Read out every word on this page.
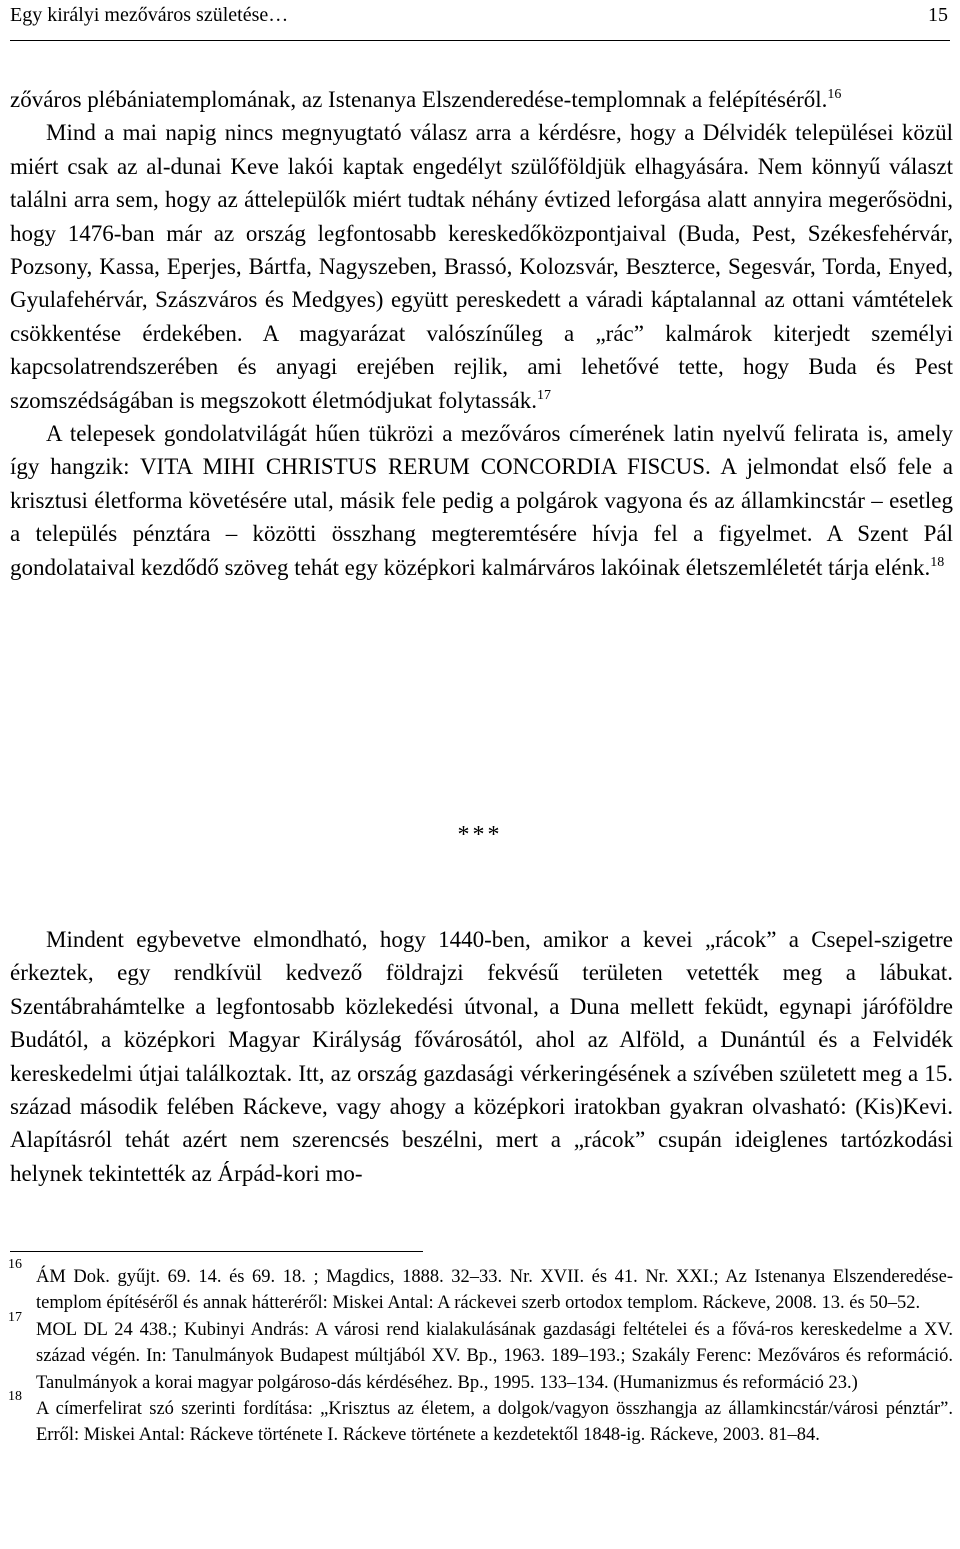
Egy királyi mezőváros születése…	15

zőváros plébániatemplomának, az Istenanya Elszenderedése-templomnak a felépítéséről.$^{16}$

Mind a mai napig nincs megnyugtató válasz arra a kérdésre, hogy a Délvidék települései közül miért csak az al-dunai Keve lakói kaptak engedélyt szülőföldjük elhagyására. Nem könnyű választ találni arra sem, hogy az áttelepülők miért tudtak néhány évtized leforgása alatt annyira megerősödni, hogy 1476-ban már az ország legfontosabb kereskedőközpontjaival (Buda, Pest, Székesfehérvár, Pozsony, Kassa, Eperjes, Bártfa, Nagyszeben, Brassó, Kolozsvár, Beszterce, Segesvár, Torda, Enyed, Gyulafehérvár, Szászváros és Medgyes) együtt pereskedett a váradi káptalannal az ottani vámtételek csökkentése érdekében. A magyarázat valószínűleg a „rác” kalmárok kiterjedt személyi kapcsolatrendszerében és anyagi erejében rejlik, ami lehetővé tette, hogy Buda és Pest szomszédságában is megszokott életmódjukat folytassák.$^{17}$

A telepesek gondolatvilágát hűen tükrözi a mezőváros címerének latin nyelvű felirata is, amely így hangzik: VITA MIHI CHRISTUS RERUM CONCORDIA FISCUS. A jelmondat első fele a krisztusi életforma követésére utal, másik fele pedig a polgárok vagyona és az államkincstár – esetleg a település pénztára – közötti összhang megteremtésére hívja fel a figyelmet. A Szent Pál gondolataival kezdődő szöveg tehát egy középkori kalmárváros lakóinak életszemléletét tárja elénk.$^{18}$

***

Mindent egybevetve elmondható, hogy 1440-ben, amikor a kevei „rácok” a Csepel-szigetre érkeztek, egy rendkívül kedvező földrajzi fekvésű területen vetették meg a lábukat. Szentábrahámtelke a legfontosabb közlekedési útvonal, a Duna mellett feküdt, egynapi járóföldre Budától, a középkori Magyar Királyság fővárosától, ahol az Alföld, a Dunántúl és a Felvidék kereskedelmi útjai találkoztak. Itt, az ország gazdasági vérkeringésének a szívében született meg a 15. század második felében Ráckeve, vagy ahogy a középkori iratokban gyakran olvasható: (Kis)Kevi. Alapításról tehát azért nem szerencsés beszélni, mert a „rácok” csupán ideiglenes tartózkodási helynek tekintették az Árpád-kori mo-

16
ÁM Dok. gyűjt. 69. 14. és 69. 18. ; Magdics, 1888. 32–33. Nr. XVII. és 41. Nr. XXI.; Az Istenanya Elszenderedése-templom építéséről és annak hátteréről: Miskei Antal: A ráckevei szerb ortodox templom. Ráckeve, 2008. 13. és 50–52.
17
MOL DL 24 438.; Kubinyi András: A városi rend kialakulásának gazdasági feltételei és a fővá-ros kereskedelme a XV. század végén. In: Tanulmányok Budapest múltjából XV. Bp., 1963. 189–193.; Szakály Ferenc: Mezőváros és reformáció. Tanulmányok a korai magyar polgároso-dás kérdéséhez. Bp., 1995. 133–134. (Humanizmus és reformáció 23.)
18
A címerfelirat szó szerinti fordítása: „Krisztus az életem, a dolgok/vagyon összhangja az államkincstár/városi pénztár”. Erről: Miskei Antal: Ráckeve története I. Ráckeve története a kezdetektől 1848-ig. Ráckeve, 2003. 81–84.
